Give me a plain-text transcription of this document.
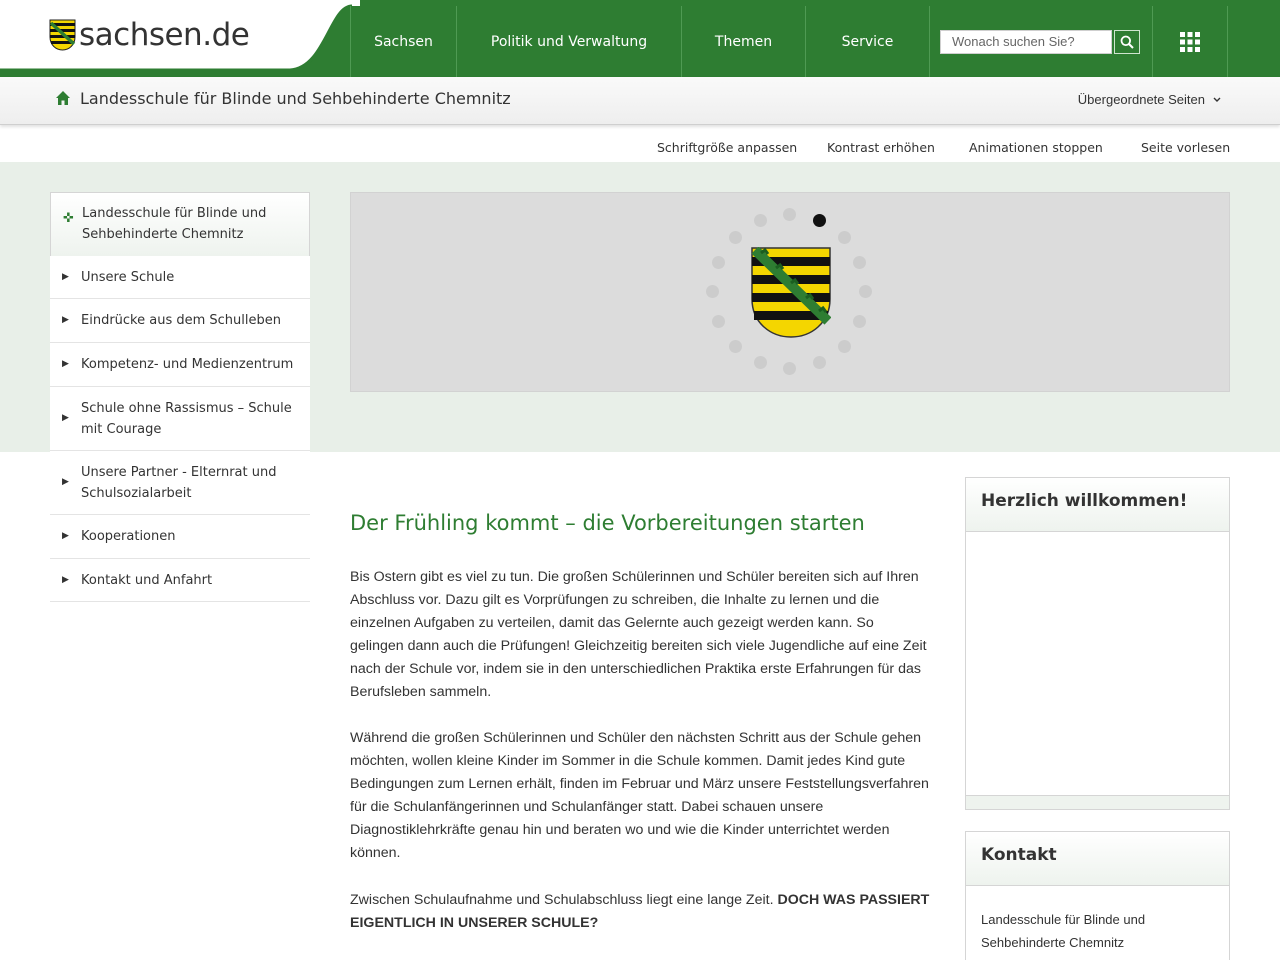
sachsen.de	Sachsen	Politik und Verwaltung	Themen	Service	Wonach suchen Sie?
Landesschule für Blinde und Sehbehinderte Chemnitz	Übergeordnete Seiten
Schriftgröße anpassen Kontrast erhöhen	Animationen stoppen	Seite vorlesen
✜ Landesschule für Blinde und Sehbehinderte Chemnitz
▶ Unsere Schule
▶ Eindrücke aus dem Schulleben
▶ Kompetenz- und Medienzentrum
▶
Schule ohne Rassismus – Schule mit Courage
▶
Unsere Partner - Elternrat und Schulsozialarbeit
▶ Kooperationen
▶ Kontakt und Anfahrt
Der Frühling kommt – die Vorbereitungen starten

Bis Ostern gibt es viel zu tun. Die großen Schülerinnen und Schüler bereiten sich auf Ihren Abschluss vor. Dazu gilt es Vorprüfungen zu schreiben, die Inhalte zu lernen und die einzelnen Aufgaben zu verteilen, damit das Gelernte auch gezeigt werden kann. So gelingen dann auch die Prüfungen! Gleichzeitig bereiten sich viele Jugendliche auf eine Zeit nach der Schule vor, indem sie in den unterschiedlichen Praktika erste Erfahrungen für das Berufsleben sammeln.

Während die großen Schülerinnen und Schüler den nächsten Schritt aus der Schule gehen möchten, wollen kleine Kinder im Sommer in die Schule kommen. Damit jedes Kind gute Bedingungen zum Lernen erhält, finden im Februar und März unsere Feststellungsverfahren für die Schulanfängerinnen und Schulanfänger statt. Dabei schauen unsere Diagnostiklehrkräfte genau hin und beraten wo und wie die Kinder unterrichtet werden können.

Zwischen Schulaufnahme und Schulabschluss liegt eine lange Zeit. DOCH WAS PASSIERT EIGENTLICH IN UNSERER SCHULE?

Herzlich willkommen!
Kontakt
Landesschule für Blinde und
Sehbehinderte Chemnitz
